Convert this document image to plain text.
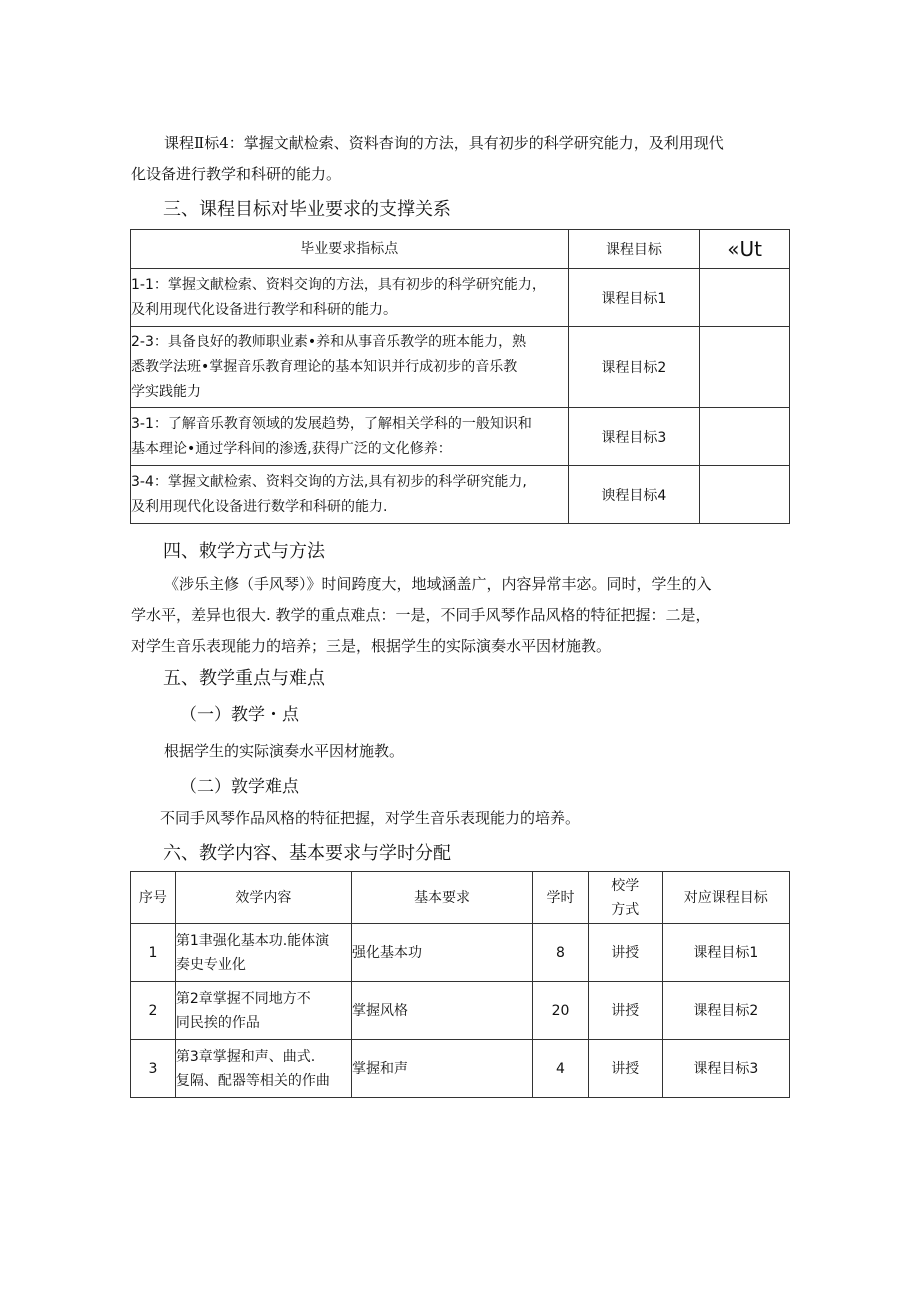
课程Ⅱ标4：掌握文献检索、资料杳询的方法，具有初步的科学研究能力，及利用现代
化设备进行教学和科研的能力。
三、课程目标对毕业要求的支撑关系
毕业要求指标点	课程目标	«Ut

1-1：掌握文献检索、资料交询的方法，具有初步的科学研究能力，
及利用现代化设备进行教学和科研的能力。	课程目标1	

2-3：具备良好的教师职业素•养和从事音乐教学的班本能力，熟
悉教学法班•掌握音乐教育理论的基本知识并行成初步的音乐教
学实践能力	课程目标2	

3-1：了解音乐教育领域的发展趋势，了解相关学科的一般知识和
基本理论•通过学科间的渗透,获得广泛的文化修养：	课程目标3	

3-4：掌握文献检索、资料交询的方法,具有初步的科学研究能力,
及利用现代化设备进行数学和科研的能力.	谀程目标4	
四、敕学方式与方法
《涉乐主修（手风琴）》时间跨度大，地域涵盖广，内容异常丰宓。同时，学生的入
学水平，差异也很大. 教学的重点难点：一是，不同手风琴作品风格的特征把握：二是，
对学生音乐表现能力的培养；三是，根据学生的实际演奏水平因材施教。
五、教学重点与难点
（一）教学・点
根据学生的实际演奏水平因材施教。
（二）敦学难点
不同手风琴作品风格的特征把握，对学生音乐表现能力的培养。
六、教学内容、基本要求与学时分配
序号	效学内容	基本要求	学时	校学
方式	对应课程目标
1	第1聿强化基本功.能体演
奏史专业化	强化基本功	8	讲授	课程目标1
2	第2章掌握不同地方不
同民挨的作品	掌握风格	20	讲授	课程目标2
3	第3章掌握和声、曲式.
复隔、配器等相关的作曲	掌握和声	4	讲授	课程目标3
